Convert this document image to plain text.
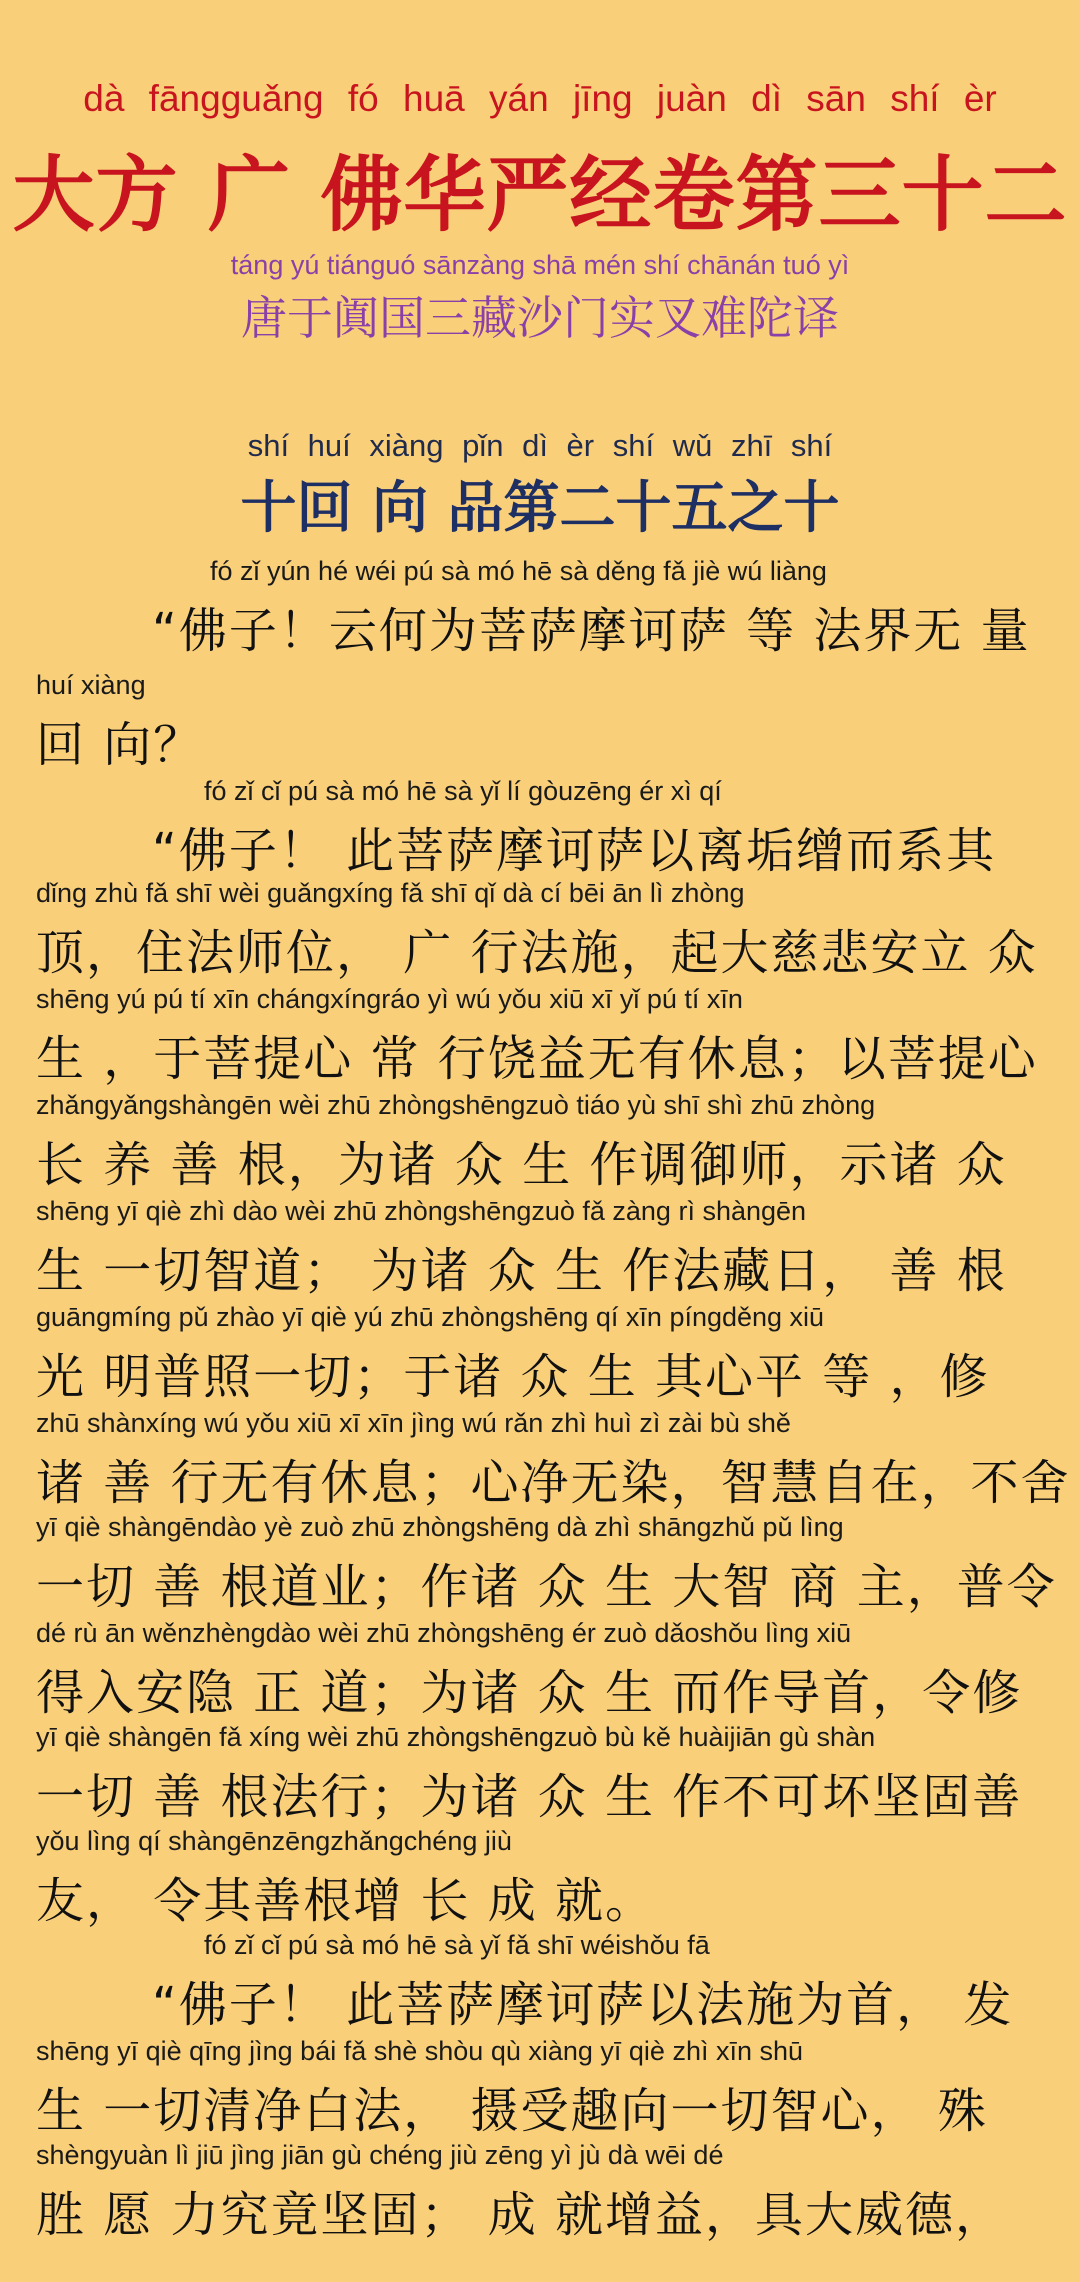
dà fāngguǎng fó huā yán jīng juàn dì sān shí èr
大方 广 佛华严经卷第三十二
táng yú tiánguó sānzàng shā mén shí chānán tuó yì
唐于阗国三藏沙门实叉难陀译
shí huí xiàng pǐn dì èr shí wǔ zhī shí
十回 向 品第二十五之十
fó zǐ yún hé wéi pú sà mó hē sà děng fǎ jiè wú liàng
“佛子！云何为菩萨摩诃萨 等 法界无 量
huí xiàng
回 向？
fó zǐ cǐ pú sà mó hē sà yǐ lí gòuzēng ér xì qí
“佛子！ 此菩萨摩诃萨以离垢缯而系其
dǐng zhù fǎ shī wèi guǎngxíng fǎ shī qǐ dà cí bēi ān lì zhòng
顶，住法师位， 广 行法施，起大慈悲安立 众
shēng yú pú tí xīn chángxíngráo yì wú yǒu xiū xī yǐ pú tí xīn
生 ，于菩提心 常 行饶益无有休息；以菩提心
zhǎngyǎngshàngēn wèi zhū zhòngshēngzuò tiáo yù shī shì zhū zhòng
长 养 善 根，为诸 众 生 作调御师，示诸 众
shēng yī qiè zhì dào wèi zhū zhòngshēngzuò fǎ zàng rì shàngēn
生 一切智道； 为诸 众 生 作法藏日， 善 根
guāngmíng pǔ zhào yī qiè yú zhū zhòngshēng qí xīn píngděng xiū
光 明普照一切；于诸 众 生 其心平 等 ，修
zhū shànxíng wú yǒu xiū xī xīn jìng wú rǎn zhì huì zì zài bù shě
诸 善 行无有休息；心净无染，智慧自在，不舍
yī qiè shàngēndào yè zuò zhū zhòngshēng dà zhì shāngzhǔ pǔ lìng
一切 善 根道业；作诸 众 生 大智 商 主，普令
dé rù ān wěnzhèngdào wèi zhū zhòngshēng ér zuò dǎoshǒu lìng xiū
得入安隐 正 道；为诸 众 生 而作导首，令修
yī qiè shàngēn fǎ xíng wèi zhū zhòngshēngzuò bù kě huàijiān gù shàn
一切 善 根法行；为诸 众 生 作不可坏坚固善
yǒu lìng qí shàngēnzēngzhǎngchéng jiù
友， 令其善根增 长 成 就。
fó zǐ cǐ pú sà mó hē sà yǐ fǎ shī wéishǒu fā
“佛子！ 此菩萨摩诃萨以法施为首， 发
shēng yī qiè qīng jìng bái fǎ shè shòu qù xiàng yī qiè zhì xīn shū
生 一切清净白法， 摄受趣向一切智心， 殊
shèngyuàn lì jiū jìng jiān gù chéng jiù zēng yì jù dà wēi dé
胜 愿 力究竟坚固； 成 就增益，具大威德，
